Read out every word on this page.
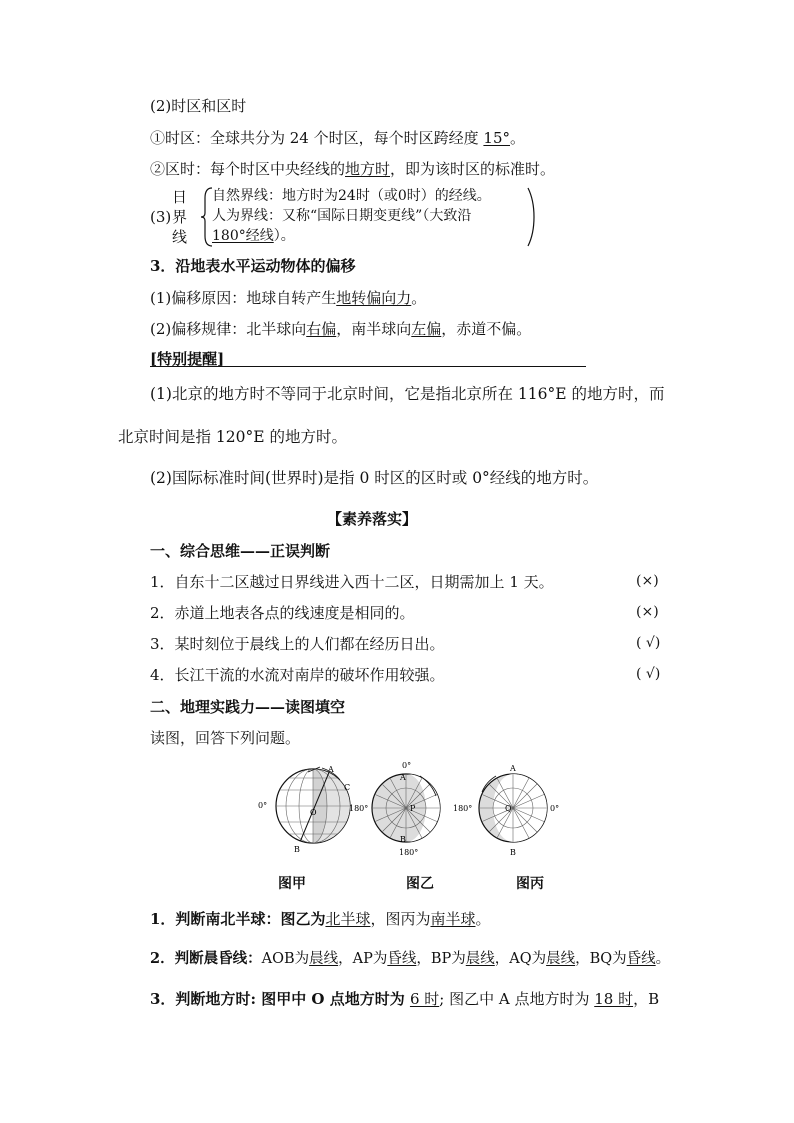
(2)时区和区时
①时区：全球共分为 24 个时区，每个时区跨经度 15°。
②区时：每个时区中央经线的地方时，即为该时区的标准时。
(3)
日
界
线
自然界线：地方时为24时（或0时）的经线。
人为界线：又称“国际日期变更线”（大致沿
180°经线）。
3．沿地表水平运动物体的偏移
(1)偏移原因：地球自转产生地转偏向力。
(2)偏移规律：北半球向右偏，南半球向左偏，赤道不偏。
[特别提醒]
(1)北京的地方时不等同于北京时间，它是指北京所在 116°E 的地方时，而
北京时间是指 120°E 的地方时。
(2)国际标准时间(世界时)是指 0 时区的区时或 0°经线的地方时。
【素养落实】
一、综合思维——正误判断
1．自东十二区越过日界线进入西十二区，日期需加上 1 天。	(×)
2．赤道上地表各点的线速度是相同的。	(×)
3．某时刻位于晨线上的人们都在经历日出。	( √)
4．长江干流的水流对南岸的破坏作用较强。	( √)
二、地理实践力——读图填空
读图，回答下列问题。
A
C
O
B
0°	180°
0°
A
P
B
180°
A
Q
B
180°	0°
图甲	图乙	图丙
1．判断南北半球：图乙为北半球，图丙为南半球。
2．判断晨昏线：AOB为晨线，AP为昏线，BP为晨线，AQ为晨线，BQ为昏线。
3．判断地方时: 图甲中 O 点地方时为 6 时; 图乙中 A 点地方时为 18 时，B
